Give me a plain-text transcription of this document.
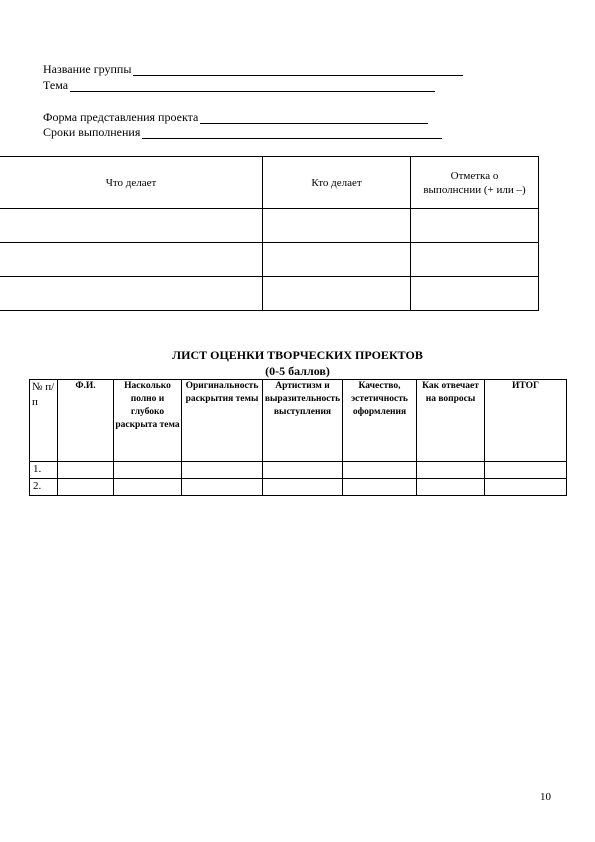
Название группы
Тема
Форма представления проекта
Сроки выполнения
Что делает	Кто делает	Отметка о выполнснии (+ или –)

ЛИСТ ОЦЕНКИ ТВОРЧЕСКИХ ПРОЕКТОВ
(0-5 баллов)
№ п/ п	Ф.И.	Насколько полно и глубоко раскрыта тема	Оригинальность раскрытия темы	Артистизм и выразительность выступления	Качество, эстетичность оформления	Как отвечает на вопросы	ИТОГ
1.							
2.							
10
